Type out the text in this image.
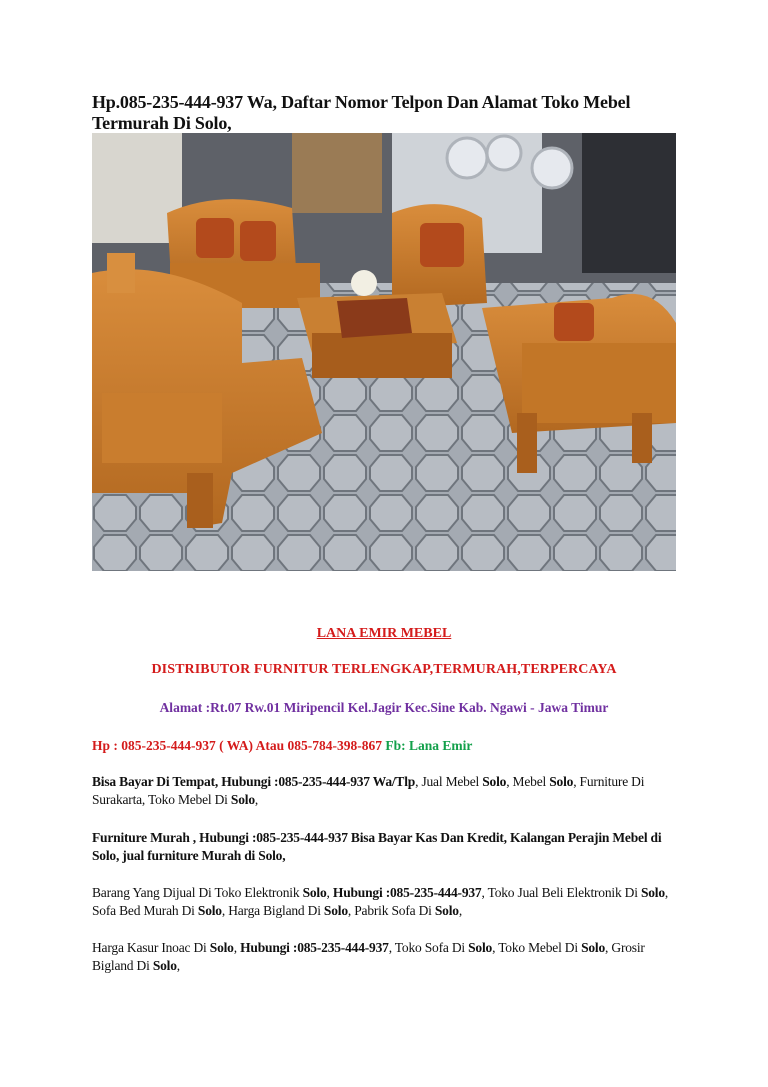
Hp.085-235-444-937 Wa, Daftar Nomor Telpon Dan Alamat Toko Mebel Termurah Di Solo,
LANA EMIR MEBEL
DISTRIBUTOR FURNITUR TERLENGKAP,TERMURAH,TERPERCAYA
Alamat :Rt.07 Rw.01 Miripencil Kel.Jagir Kec.Sine Kab. Ngawi - Jawa Timur
Hp : 085-235-444-937 ( WA) Atau 085-784-398-867 Fb: Lana Emir
Bisa Bayar Di Tempat, Hubungi :085-235-444-937 Wa/Tlp, Jual Mebel Solo, Mebel Solo, Furniture Di Surakarta, Toko Mebel Di Solo,
Furniture Murah , Hubungi :085-235-444-937 Bisa Bayar Kas Dan Kredit, Kalangan Perajin Mebel di Solo, jual furniture Murah di Solo,
Barang Yang Dijual Di Toko Elektronik Solo, Hubungi :085-235-444-937, Toko Jual Beli Elektronik Di Solo, Sofa Bed Murah Di Solo, Harga Bigland Di Solo, Pabrik Sofa Di Solo,
Harga Kasur Inoac Di Solo, Hubungi :085-235-444-937, Toko Sofa Di Solo, Toko Mebel Di Solo, Grosir Bigland Di Solo,
